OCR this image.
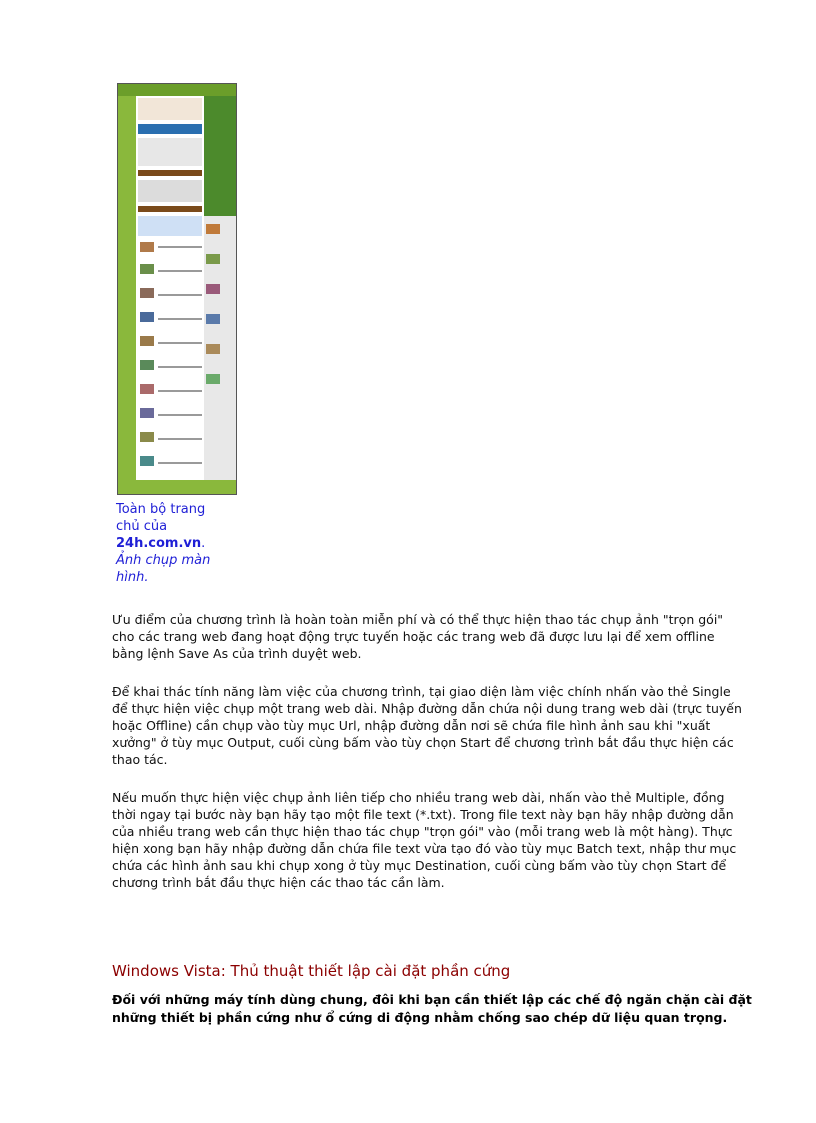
Toàn bộ trang
chủ của
24h.com.vn.
Ảnh chụp màn
hình.

Ưu điểm của chương trình là hoàn toàn miễn phí và có thể thực hiện thao tác chụp ảnh "trọn gói" cho các trang web đang hoạt động trực tuyến hoặc các trang web đã được lưu lại để xem offline bằng lệnh Save As của trình duyệt web.

Để khai thác tính năng làm việc của chương trình, tại giao diện làm việc chính nhấn vào thẻ Single để thực hiện việc chụp một trang web dài. Nhập đường dẫn chứa nội dung trang web dài (trực tuyến hoặc Offline) cần chụp vào tùy mục Url, nhập đường dẫn nơi sẽ chứa file hình ảnh sau khi "xuất xưởng" ở tùy mục Output, cuối cùng bấm vào tùy chọn Start để chương trình bắt đầu thực hiện các thao tác.

Nếu muốn thực hiện việc chụp ảnh liên tiếp cho nhiều trang web dài, nhấn vào thẻ Multiple, đồng thời ngay tại bước này bạn hãy tạo một file text (*.txt). Trong file text này bạn hãy nhập đường dẫn của nhiều trang web cần thực hiện thao tác chụp "trọn gói" vào (mỗi trang web là một hàng). Thực hiện xong bạn hãy nhập đường dẫn chứa file text vừa tạo đó vào tùy mục Batch text, nhập thư mục chứa các hình ảnh sau khi chụp xong ở tùy mục Destination, cuối cùng bấm vào tùy chọn Start để chương trình bắt đầu thực hiện các thao tác cần làm.

Windows Vista: Thủ thuật thiết lập cài đặt phần cứng

Đối với những máy tính dùng chung, đôi khi bạn cần thiết lập các chế độ ngăn chặn cài đặt những thiết bị phần cứng như ổ cứng di động nhằm chống sao chép dữ liệu quan trọng.
